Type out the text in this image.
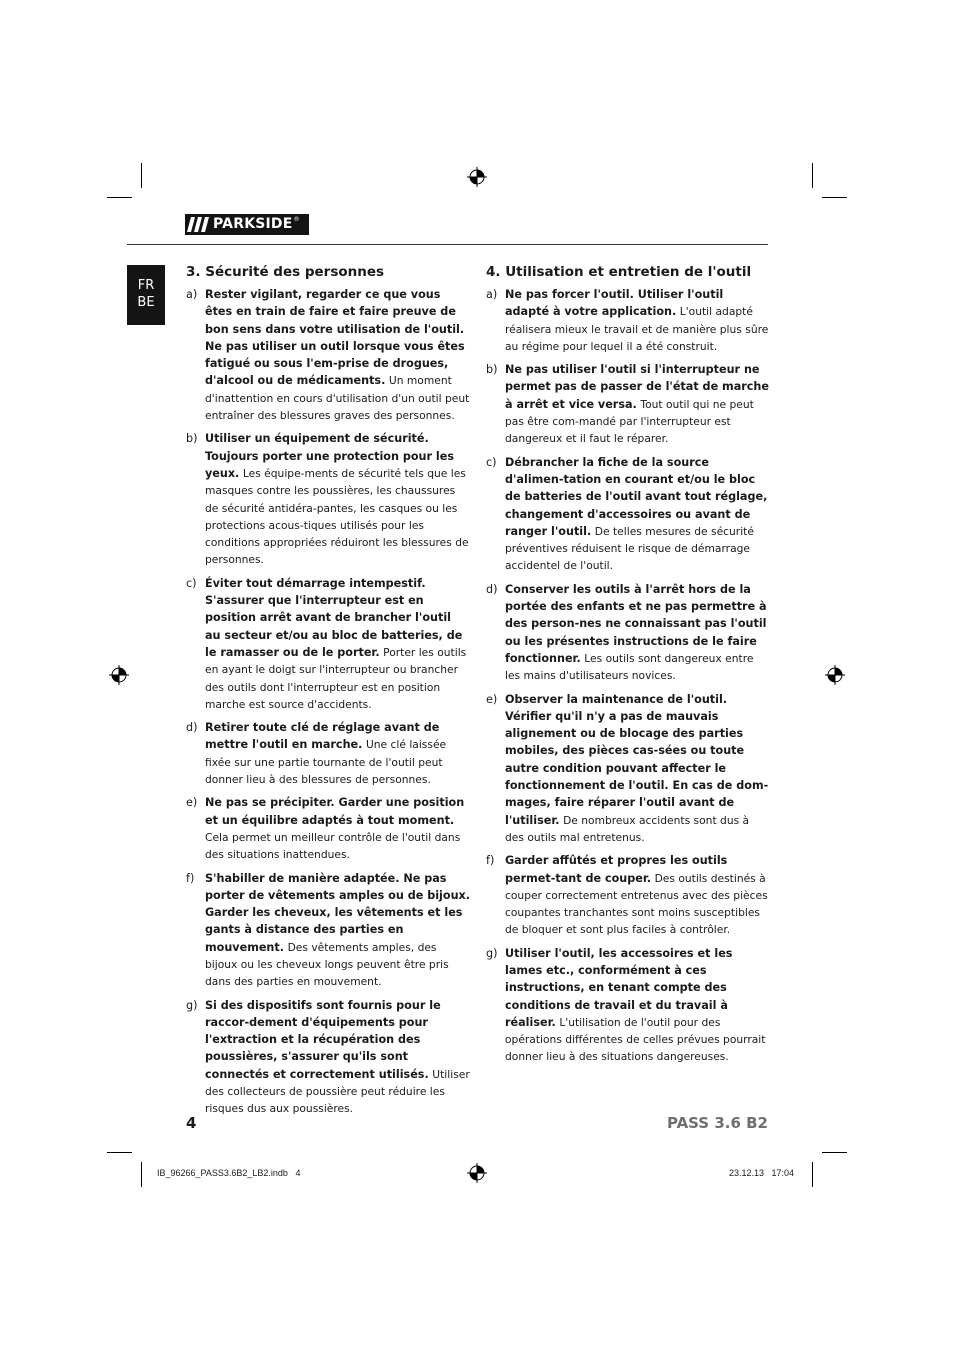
PARKSIDE ®
FR
BE
3. Sécurité des personnes
a) Rester vigilant, regarder ce que vous êtes en train de faire et faire preuve de bon sens dans votre utilisation de l'outil. Ne pas utiliser un outil lorsque vous êtes fatigué ou sous l'em-prise de drogues, d'alcool ou de médicaments. Un moment d'inattention en cours d'utilisation d'un outil peut entraîner des blessures graves des personnes.
b) Utiliser un équipement de sécurité. Toujours porter une protection pour les yeux. Les équipe-ments de sécurité tels que les masques contre les poussières, les chaussures de sécurité antidéra-pantes, les casques ou les protections acous-tiques utilisés pour les conditions appropriées réduiront les blessures de personnes.
c) Éviter tout démarrage intempestif. S'assurer que l'interrupteur est en position arrêt avant de brancher l'outil au secteur et/ou au bloc de batteries, de le ramasser ou de le porter. Porter les outils en ayant le doigt sur l'interrupteur ou brancher des outils dont l'interrupteur est en position marche est source d'accidents.
d) Retirer toute clé de réglage avant de mettre l'outil en marche. Une clé laissée fixée sur une partie tournante de l'outil peut donner lieu à des blessures de personnes.
e) Ne pas se précipiter. Garder une position et un équilibre adaptés à tout moment. Cela permet un meilleur contrôle de l'outil dans des situations inattendues.
f) S'habiller de manière adaptée. Ne pas porter de vêtements amples ou de bijoux. Garder les cheveux, les vêtements et les gants à distance des parties en mouvement. Des vêtements amples, des bijoux ou les cheveux longs peuvent être pris dans des parties en mouvement.
g) Si des dispositifs sont fournis pour le raccor-dement d'équipements pour l'extraction et la récupération des poussières, s'assurer qu'ils sont connectés et correctement utilisés. Utiliser des collecteurs de poussière peut réduire les risques dus aux poussières.
4. Utilisation et entretien de l'outil
a) Ne pas forcer l'outil. Utiliser l'outil adapté à votre application. L'outil adapté réalisera mieux le travail et de manière plus sûre au régime pour lequel il a été construit.
b) Ne pas utiliser l'outil si l'interrupteur ne permet pas de passer de l'état de marche à arrêt et vice versa. Tout outil qui ne peut pas être com-mandé par l'interrupteur est dangereux et il faut le réparer.
c) Débrancher la fiche de la source d'alimen-tation en courant et/ou le bloc de batteries de l'outil avant tout réglage, changement d'accessoires ou avant de ranger l'outil. De telles mesures de sécurité préventives réduisent le risque de démarrage accidentel de l'outil.
d) Conserver les outils à l'arrêt hors de la portée des enfants et ne pas permettre à des person-nes ne connaissant pas l'outil ou les présentes instructions de le faire fonctionner. Les outils sont dangereux entre les mains d'utilisateurs novices.
e) Observer la maintenance de l'outil. Vérifier qu'il n'y a pas de mauvais alignement ou de blocage des parties mobiles, des pièces cas-sées ou toute autre condition pouvant affecter le fonctionnement de l'outil. En cas de dom-mages, faire réparer l'outil avant de l'utiliser. De nombreux accidents sont dus à des outils mal entretenus.
f) Garder affûtés et propres les outils permet-tant de couper. Des outils destinés à couper correctement entretenus avec des pièces coupantes tranchantes sont moins susceptibles de bloquer et sont plus faciles à contrôler.
g) Utiliser l'outil, les accessoires et les lames etc., conformément à ces instructions, en tenant compte des conditions de travail et du travail à réaliser. L'utilisation de l'outil pour des opérations différentes de celles prévues pourrait donner lieu à des situations dangereuses.
4	PASS 3.6 B2
IB_96266_PASS3.6B2_LB2.indb   4	23.12.13   17:04
